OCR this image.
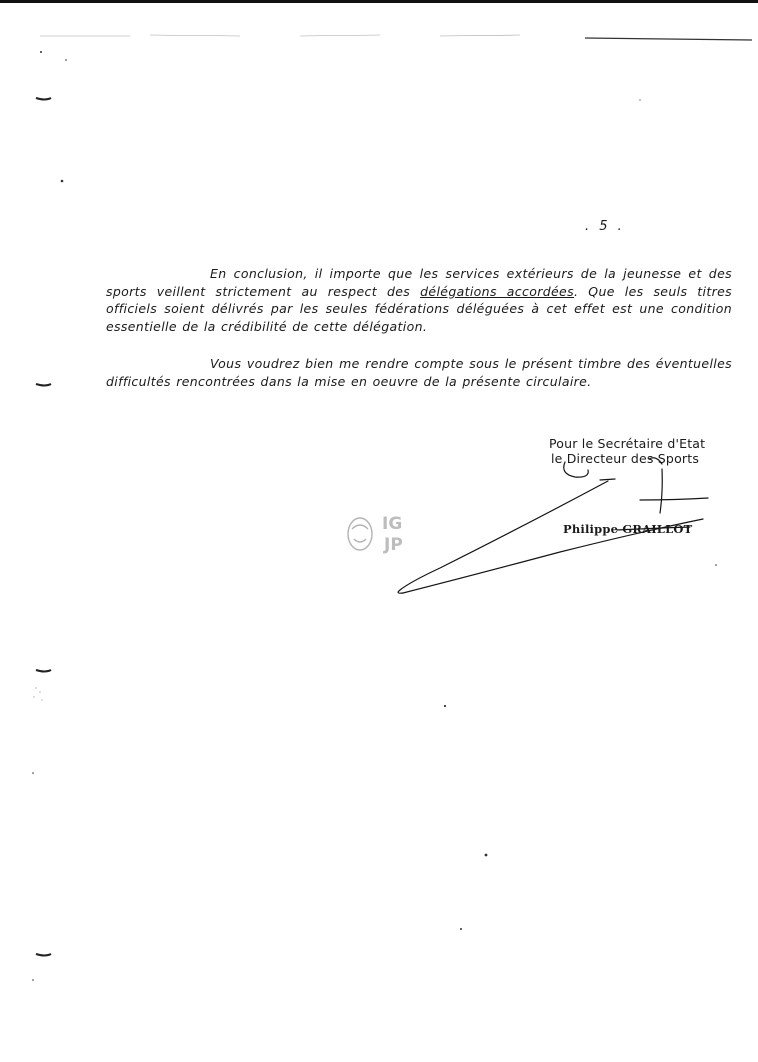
. 5 .

En conclusion, il importe que les services extérieurs de la jeunesse et des sports veillent strictement au respect des délégations accordées. Que les seuls titres officiels soient délivrés par les seules fédérations déléguées à cet effet est une condition essentielle de la crédibilité de cette délégation.

Vous voudrez bien me rendre compte sous le présent timbre des éventuelles difficultés rencontrées dans la mise en oeuvre de la présente circulaire.

Pour le Secrétaire d'Etat
le Directeur des Sports
IG
JP
Philippe GRAILLOT
